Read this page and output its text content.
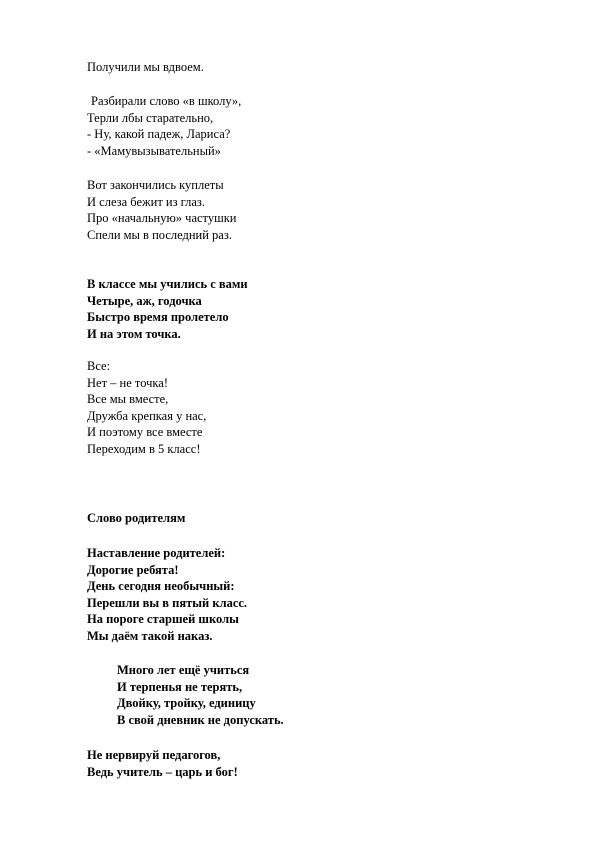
Получили мы вдвоем.
Разбирали слово «в школу»,
Терли лбы старательно,
- Ну, какой падеж, Лариса?
- «Мамувызывательный»
Вот закончились куплеты
И слеза бежит из глаз.
Про «начальную» частушки
Спели мы в последний раз.
В классе мы учились с вами
Четыре, аж, годочка
Быстро время пролетело
И на этом точка.
Все:
Нет – не точка!
Все мы вместе,
Дружба крепкая у нас,
И поэтому все вместе
Переходим в 5 класс!
Слово родителям
Наставление родителей:
Дорогие ребята!
День сегодня необычный:
Перешли вы в пятый класс.
На пороге старшей школы
Мы даём такой наказ.
Много лет ещё учиться
И терпенья не терять,
Двойку, тройку, единицу
В свой дневник не допускать.
Не нервируй педагогов,
Ведь учитель – царь и бог!
